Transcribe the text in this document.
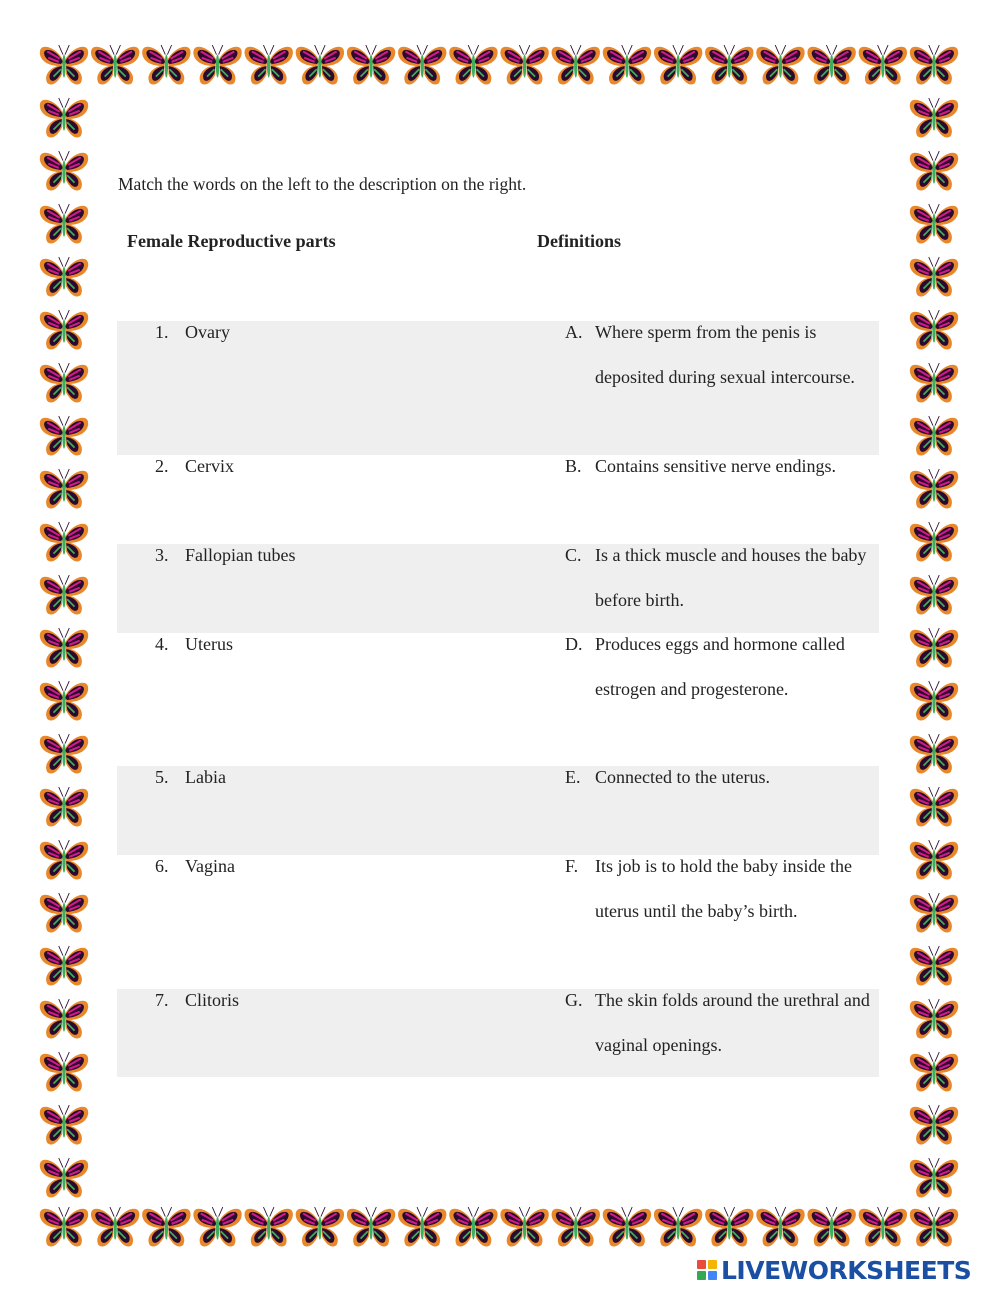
Match the words on the left to the description on the right.
Female Reproductive parts	Definitions
1. Ovary	A. Where sperm from the penis is deposited during sexual intercourse.
2. Cervix	B. Contains sensitive nerve endings.
3. Fallopian tubes	C. Is a thick muscle and houses the baby before birth.
4. Uterus	D. Produces eggs and hormone called estrogen and progesterone.
5. Labia	E. Connected to the uterus.
6. Vagina	F. Its job is to hold the baby inside the uterus until the baby’s birth.
7. Clitoris	G. The skin folds around the urethral and vaginal openings.
LIVEWORKSHEETS
